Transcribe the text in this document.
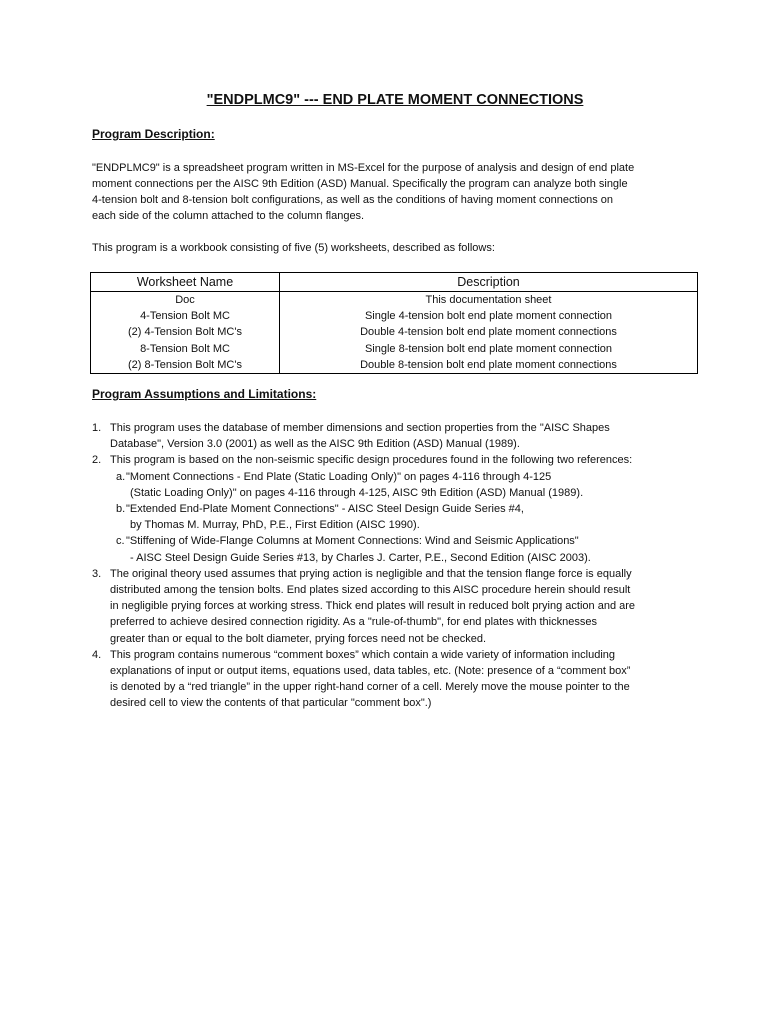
"ENDPLMC9" --- END PLATE MOMENT CONNECTIONS
Program Description:
"ENDPLMC9" is a spreadsheet program written in MS-Excel for the purpose of analysis and design of end plate
moment connections per the AISC 9th Edition (ASD) Manual. Specifically the program can analyze both single
4-tension bolt and 8-tension bolt configurations, as well as the conditions of having moment connections on
each side of the column attached to the column flanges.
This program is a workbook consisting of five (5) worksheets, described as follows:
Worksheet Name	Description
Doc	This documentation sheet
4-Tension Bolt MC	Single 4-tension bolt end plate moment connection
(2) 4-Tension Bolt MC's	Double 4-tension bolt end plate moment connections
8-Tension Bolt MC	Single 8-tension bolt end plate moment connection
(2) 8-Tension Bolt MC's	Double 8-tension bolt end plate moment connections
Program Assumptions and Limitations:
1. This program uses the database of member dimensions and section properties from the "AISC Shapes
Database", Version 3.0 (2001) as well as the AISC 9th Edition (ASD) Manual (1989).
2. This program is based on the non-seismic specific design procedures found in the following two references:
a. "Moment Connections - End Plate (Static Loading Only)" on pages 4-116 through 4-125
(Static Loading Only)" on pages 4-116 through 4-125, AISC 9th Edition (ASD) Manual (1989).
b. "Extended End-Plate Moment Connections" - AISC Steel Design Guide Series #4,
by Thomas M. Murray, PhD, P.E., First Edition (AISC 1990).
c. "Stiffening of Wide-Flange Columns at Moment Connections: Wind and Seismic Applications"
- AISC Steel Design Guide Series #13, by Charles J. Carter, P.E., Second Edition (AISC 2003).
3. The original theory used assumes that prying action is negligible and that the tension flange force is equally
distributed among the tension bolts. End plates sized according to this AISC procedure herein should result
in negligible prying forces at working stress. Thick end plates will result in reduced bolt prying action and are
preferred to achieve desired connection rigidity. As a "rule-of-thumb", for end plates with thicknesses
greater than or equal to the bolt diameter, prying forces need not be checked.
4. This program contains numerous “comment boxes” which contain a wide variety of information including
explanations of input or output items, equations used, data tables, etc. (Note: presence of a “comment box”
is denoted by a “red triangle” in the upper right-hand corner of a cell. Merely move the mouse pointer to the
desired cell to view the contents of that particular "comment box".)
